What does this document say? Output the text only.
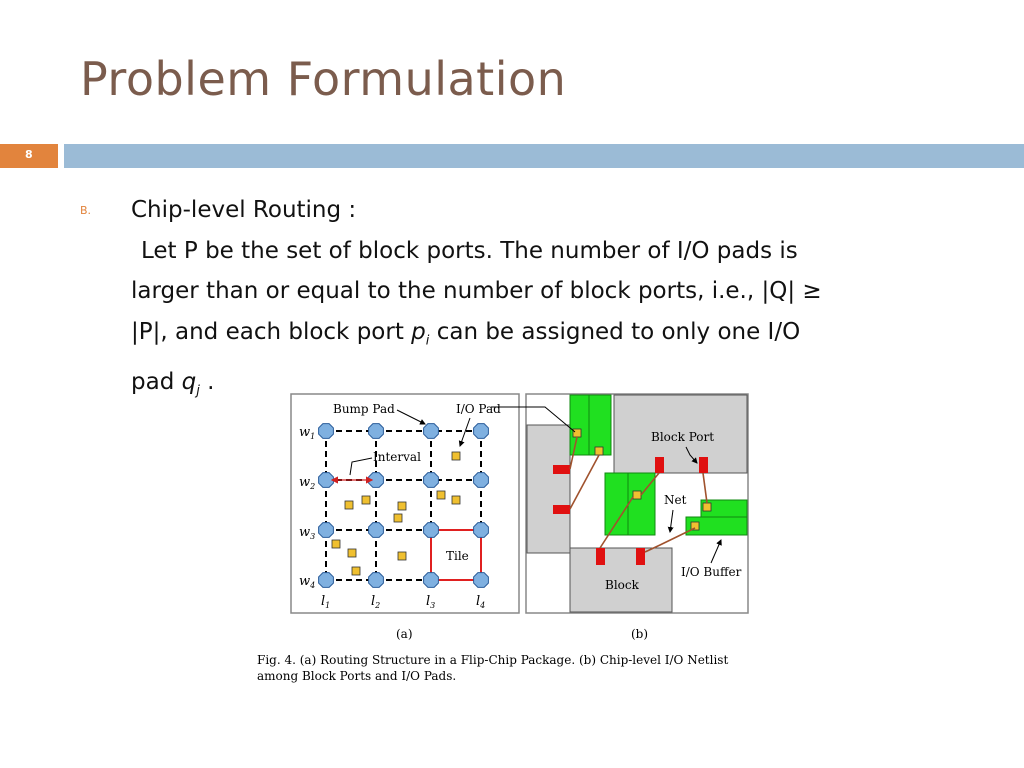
Problem Formulation
8
B. Chip-level Routing :

Let P be the set of block ports. The number of I/O pads is

larger than or equal to the number of block ports, i.e., |Q| ≥

|P|, and each block port $p_i$ can be assigned to only one I/O

pad $q_j$ .

Bump Pad	I/O Pad
Interval
Tile
$w_1$
$w_2$
$w_3$
$w_4$
$l_1$	$l_2$	$l_3$	$l_4$
(a)
Block Port
Net
I/O Buffer
Block
(b)
Fig. 4. (a) Routing Structure in a Flip-Chip Package. (b) Chip-level I/O Netlist
among Block Ports and I/O Pads.
